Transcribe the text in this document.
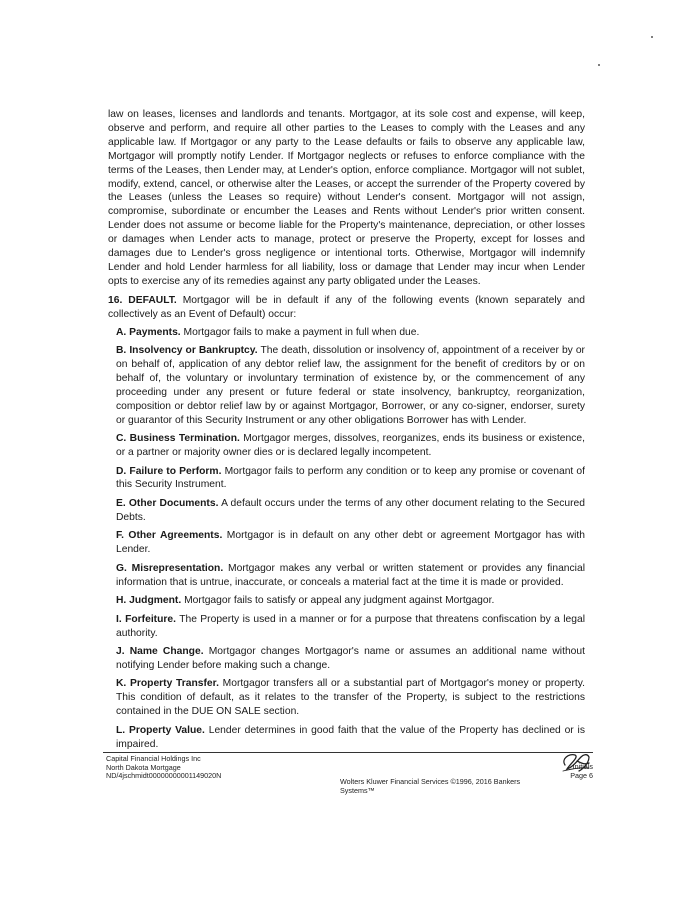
law on leases, licenses and landlords and tenants. Mortgagor, at its sole cost and expense, will keep, observe and perform, and require all other parties to the Leases to comply with the Leases and any applicable law. If Mortgagor or any party to the Lease defaults or fails to observe any applicable law, Mortgagor will promptly notify Lender. If Mortgagor neglects or refuses to enforce compliance with the terms of the Leases, then Lender may, at Lender's option, enforce compliance. Mortgagor will not sublet, modify, extend, cancel, or otherwise alter the Leases, or accept the surrender of the Property covered by the Leases (unless the Leases so require) without Lender's consent. Mortgagor will not assign, compromise, subordinate or encumber the Leases and Rents without Lender's prior written consent. Lender does not assume or become liable for the Property's maintenance, depreciation, or other losses or damages when Lender acts to manage, protect or preserve the Property, except for losses and damages due to Lender's gross negligence or intentional torts. Otherwise, Mortgagor will indemnify Lender and hold Lender harmless for all liability, loss or damage that Lender may incur when Lender opts to exercise any of its remedies against any party obligated under the Leases.

16. DEFAULT. Mortgagor will be in default if any of the following events (known separately and collectively as an Event of Default) occur:

A. Payments. Mortgagor fails to make a payment in full when due.

B. Insolvency or Bankruptcy. The death, dissolution or insolvency of, appointment of a receiver by or on behalf of, application of any debtor relief law, the assignment for the benefit of creditors by or on behalf of, the voluntary or involuntary termination of existence by, or the commencement of any proceeding under any present or future federal or state insolvency, bankruptcy, reorganization, composition or debtor relief law by or against Mortgagor, Borrower, or any co-signer, endorser, surety or guarantor of this Security Instrument or any other obligations Borrower has with Lender.

C. Business Termination. Mortgagor merges, dissolves, reorganizes, ends its business or existence, or a partner or majority owner dies or is declared legally incompetent.

D. Failure to Perform. Mortgagor fails to perform any condition or to keep any promise or covenant of this Security Instrument.

E. Other Documents. A default occurs under the terms of any other document relating to the Secured Debts.

F. Other Agreements. Mortgagor is in default on any other debt or agreement Mortgagor has with Lender.

G. Misrepresentation. Mortgagor makes any verbal or written statement or provides any financial information that is untrue, inaccurate, or conceals a material fact at the time it is made or provided.

H. Judgment. Mortgagor fails to satisfy or appeal any judgment against Mortgagor.

I. Forfeiture. The Property is used in a manner or for a purpose that threatens confiscation by a legal authority.

J. Name Change. Mortgagor changes Mortgagor's name or assumes an additional name without notifying Lender before making such a change.

K. Property Transfer. Mortgagor transfers all or a substantial part of Mortgagor's money or property. This condition of default, as it relates to the transfer of the Property, is subject to the restrictions contained in the DUE ON SALE section.

L. Property Value. Lender determines in good faith that the value of the Property has declined or is impaired.

Capital Financial Holdings Inc
North Dakota Mortgage
ND/4jschmidt00000000001149020N
Wolters Kluwer Financial Services ©1996, 2016 Bankers Systems™
Initials
Page 6
